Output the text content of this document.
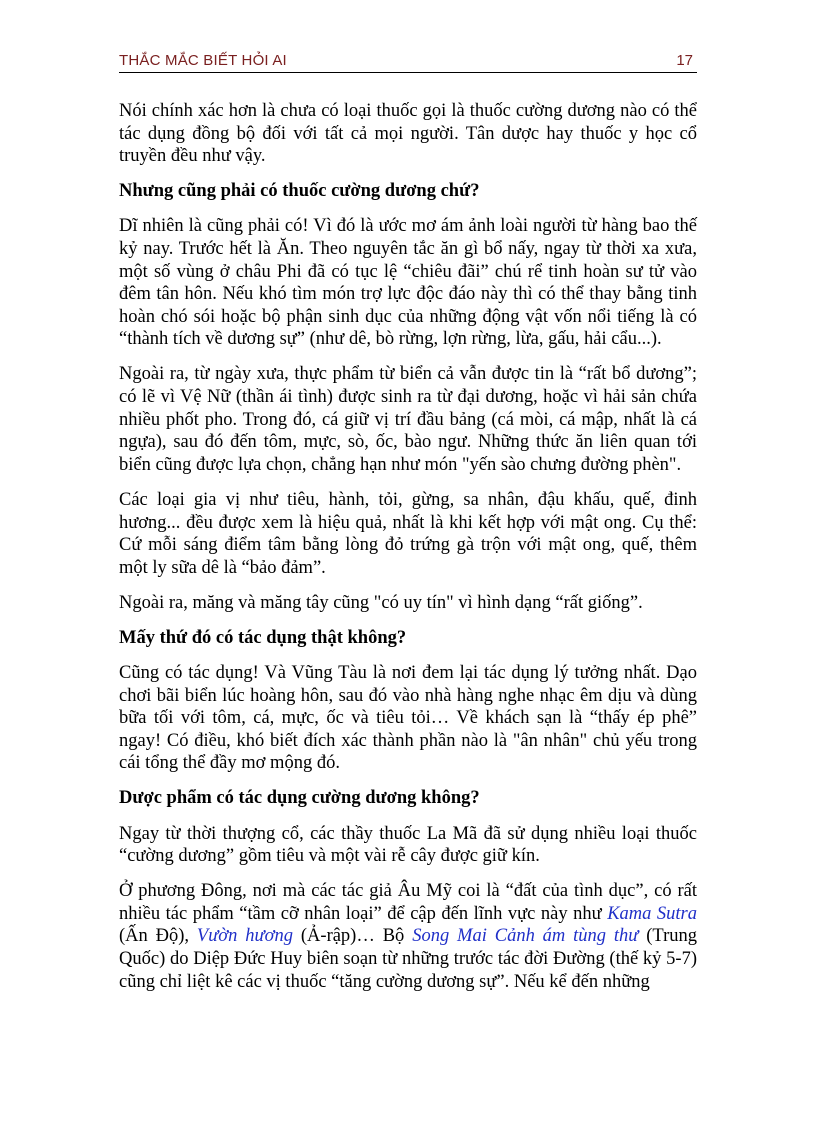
THẮC MẮC BIẾT HỎI AI	17

Nói chính xác hơn là chưa có loại thuốc gọi là thuốc cường dương nào có thể tác dụng đồng bộ đối với tất cả mọi người. Tân dược hay thuốc y học cổ truyền đều như vậy.

Nhưng cũng phải có thuốc cường dương chứ?

Dĩ nhiên là cũng phải có! Vì đó là ước mơ ám ảnh loài người từ hàng bao thế kỷ nay. Trước hết là Ăn. Theo nguyên tắc ăn gì bổ nấy, ngay từ thời xa xưa, một số vùng ở châu Phi đã có tục lệ “chiêu đãi” chú rể tinh hoàn sư tử vào đêm tân hôn. Nếu khó tìm món trợ lực độc đáo này thì có thể thay bằng tinh hoàn chó sói hoặc bộ phận sinh dục của những động vật vốn nổi tiếng là có “thành tích về dương sự” (như dê, bò rừng, lợn rừng, lừa, gấu, hải cẩu...).

Ngoài ra, từ ngày xưa, thực phẩm từ biển cả vẫn được tin là “rất bổ dương”; có lẽ vì Vệ Nữ (thần ái tình) được sinh ra từ đại dương, hoặc vì hải sản chứa nhiều phốt pho. Trong đó, cá giữ vị trí đầu bảng (cá mòi, cá mập, nhất là cá ngựa), sau đó đến tôm, mực, sò, ốc, bào ngư. Những thức ăn liên quan tới biển cũng được lựa chọn, chẳng hạn như món "yến sào chưng đường phèn".

Các loại gia vị như tiêu, hành, tỏi, gừng, sa nhân, đậu khấu, quế, đinh hương... đều được xem là hiệu quả, nhất là khi kết hợp với mật ong. Cụ thể: Cứ mỗi sáng điểm tâm bằng lòng đỏ trứng gà trộn với mật ong, quế, thêm một ly sữa dê là “bảo đảm”.

Ngoài ra, măng và măng tây cũng "có uy tín" vì hình dạng “rất giống”.

Mấy thứ đó có tác dụng thật không?

Cũng có tác dụng! Và Vũng Tàu là nơi đem lại tác dụng lý tưởng nhất. Dạo chơi bãi biển lúc hoàng hôn, sau đó vào nhà hàng nghe nhạc êm dịu và dùng bữa tối với tôm, cá, mực, ốc và tiêu tỏi… Về khách sạn là “thấy ép phê” ngay! Có điều, khó biết đích xác thành phần nào là "ân nhân" chủ yếu trong cái tổng thể đầy mơ mộng đó.

Dược phẩm có tác dụng cường dương không?

Ngay từ thời thượng cổ, các thầy thuốc La Mã đã sử dụng nhiều loại thuốc “cường dương” gồm tiêu và một vài rễ cây được giữ kín.

Ở phương Đông, nơi mà các tác giả Âu Mỹ coi là “đất của tình dục”, có rất nhiều tác phẩm “tầm cỡ nhân loại” để cập đến lĩnh vực này như Kama Sutra (Ấn Độ), Vườn hương (Ả-rập)… Bộ Song Mai Cảnh ám tùng thư (Trung Quốc) do Diệp Đức Huy biên soạn từ những trước tác đời Đường (thế kỷ 5-7) cũng chỉ liệt kê các vị thuốc “tăng cường dương sự”. Nếu kể đến những
